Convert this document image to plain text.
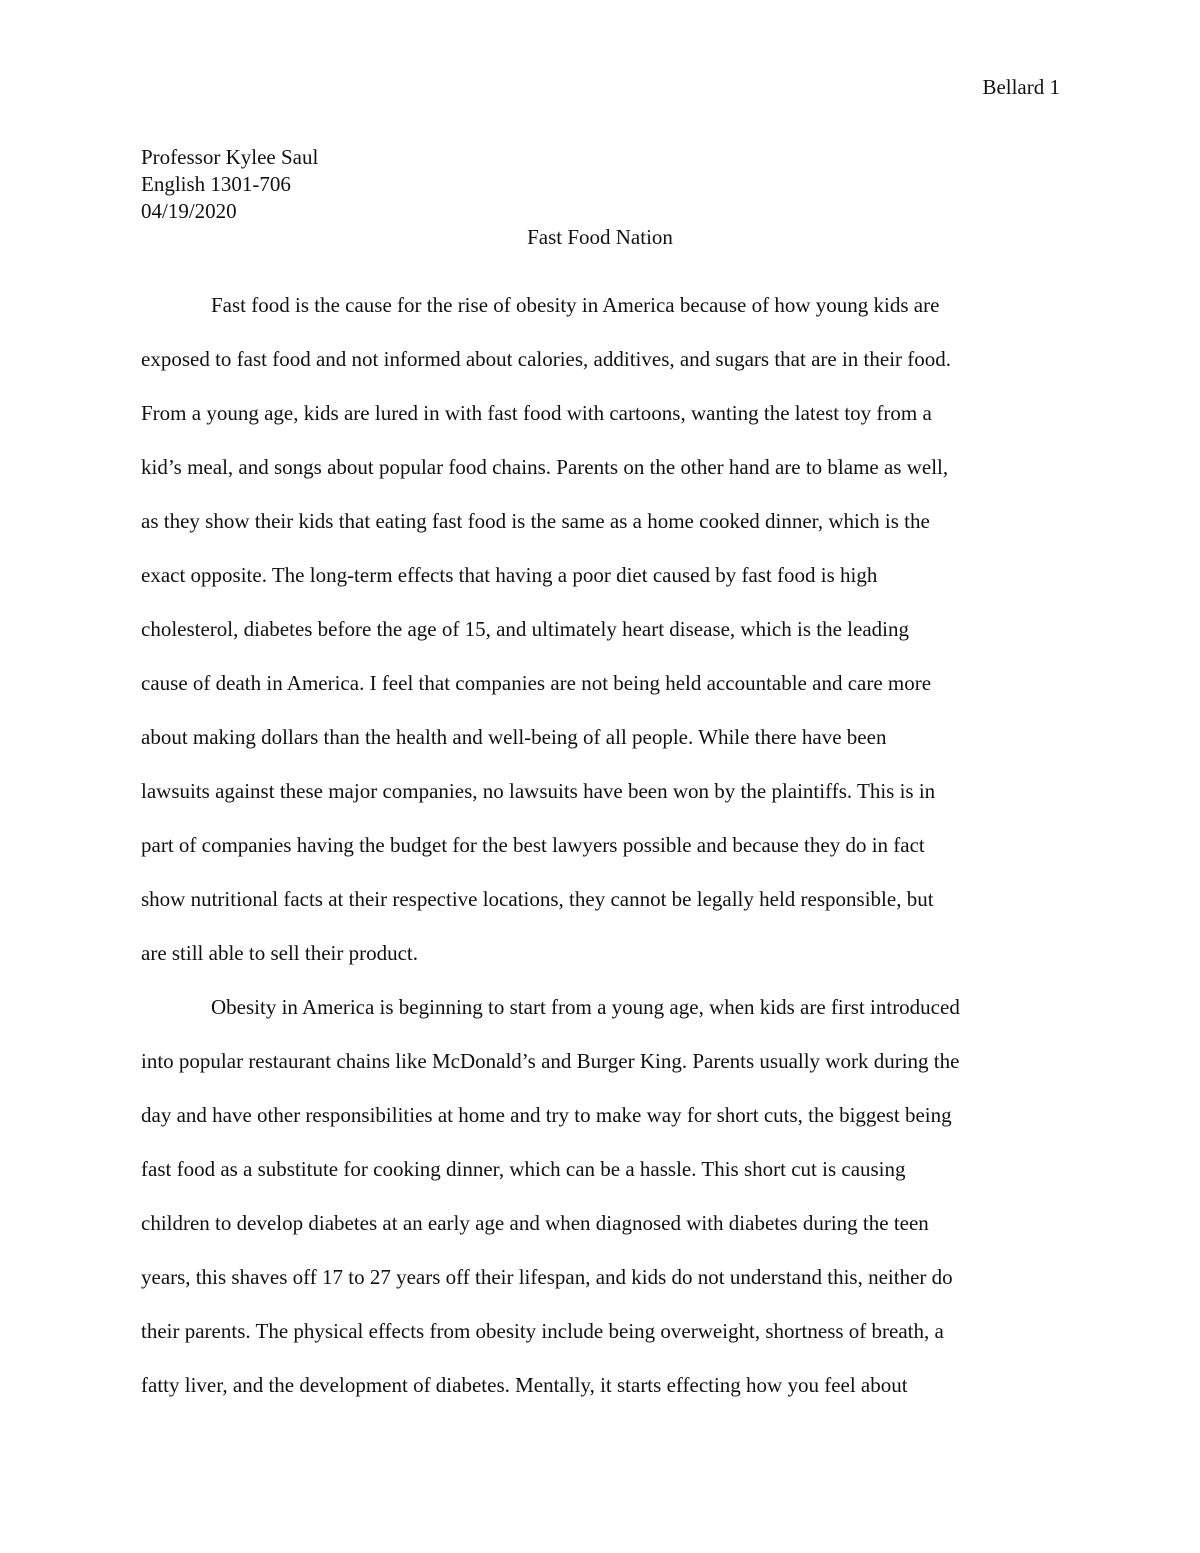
Bellard 1
Professor Kylee Saul
English 1301-706
04/19/2020
Fast Food Nation
Fast food is the cause for the rise of obesity in America because of how young kids are
exposed to fast food and not informed about calories, additives, and sugars that are in their food.
From a young age, kids are lured in with fast food with cartoons, wanting the latest toy from a
kid’s meal, and songs about popular food chains. Parents on the other hand are to blame as well,
as they show their kids that eating fast food is the same as a home cooked dinner, which is the
exact opposite. The long-term effects that having a poor diet caused by fast food is high
cholesterol, diabetes before the age of 15, and ultimately heart disease, which is the leading
cause of death in America. I feel that companies are not being held accountable and care more
about making dollars than the health and well-being of all people. While there have been
lawsuits against these major companies, no lawsuits have been won by the plaintiffs. This is in
part of companies having the budget for the best lawyers possible and because they do in fact
show nutritional facts at their respective locations, they cannot be legally held responsible, but
are still able to sell their product.
Obesity in America is beginning to start from a young age, when kids are first introduced
into popular restaurant chains like McDonald’s and Burger King. Parents usually work during the
day and have other responsibilities at home and try to make way for short cuts, the biggest being
fast food as a substitute for cooking dinner, which can be a hassle. This short cut is causing
children to develop diabetes at an early age and when diagnosed with diabetes during the teen
years, this shaves off 17 to 27 years off their lifespan, and kids do not understand this, neither do
their parents. The physical effects from obesity include being overweight, shortness of breath, a
fatty liver, and the development of diabetes. Mentally, it starts effecting how you feel about
